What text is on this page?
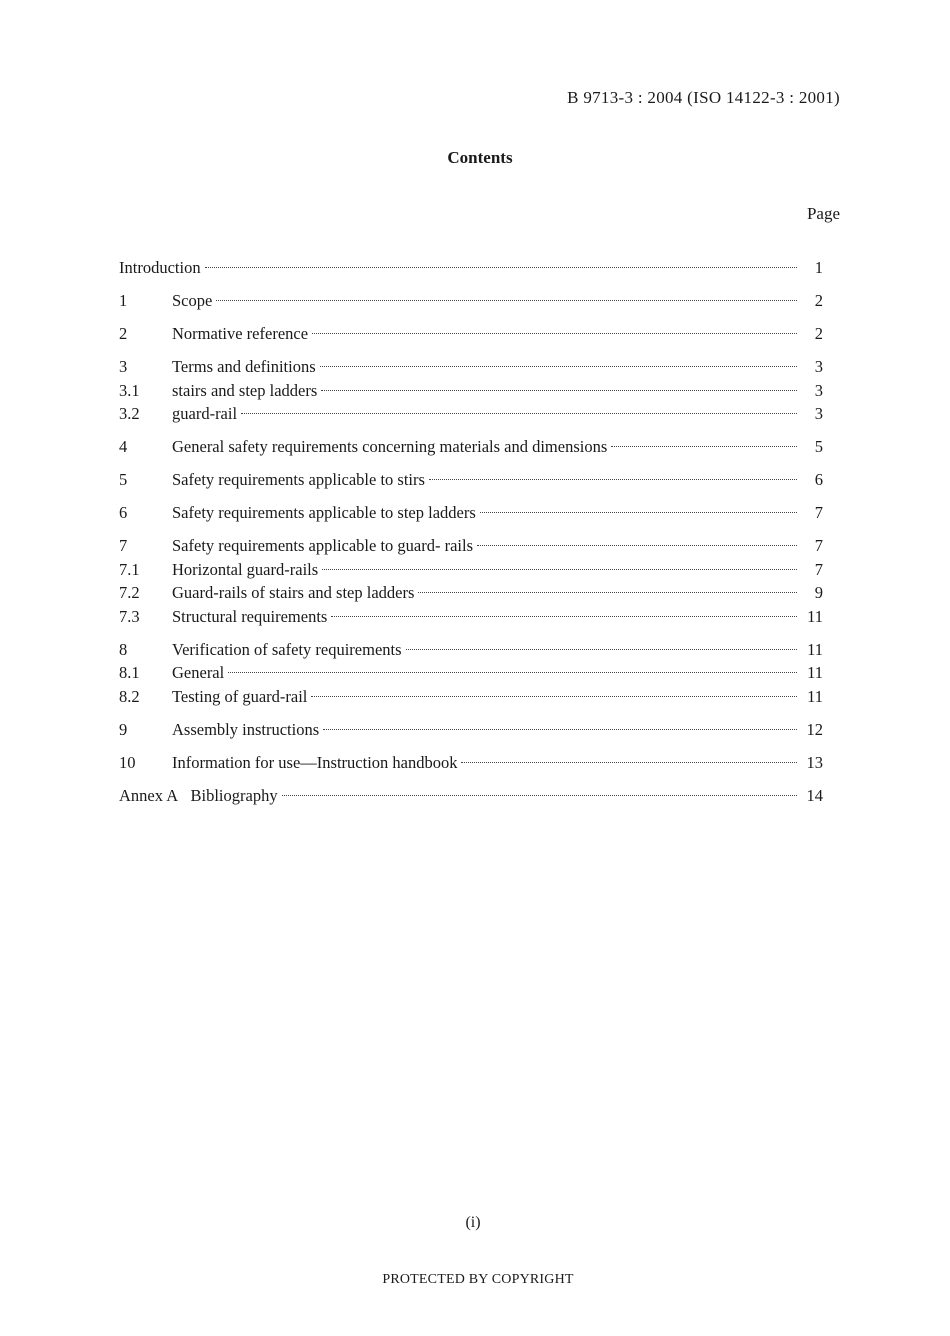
B 9713-3 : 2004 (ISO 14122-3 : 2001)
Contents
Page
Introduction	1
1	Scope	2
2	Normative reference	2
3	Terms and definitions	3
3.1	stairs and step ladders	3
3.2	guard-rail	3
4	General safety requirements concerning materials and dimensions	5
5	Safety requirements applicable to stirs	6
6	Safety requirements applicable to step ladders	7
7	Safety requirements applicable to guard- rails	7
7.1	Horizontal guard-rails	7
7.2	Guard-rails of stairs and step ladders	9
7.3	Structural requirements	11
8	Verification of safety requirements	11
8.1	General	11
8.2	Testing of guard-rail	11
9	Assembly instructions	12
10	Information for use—Instruction handbook	13
Annex A  Bibliography	14
(i)
PROTECTED BY COPYRIGHT
